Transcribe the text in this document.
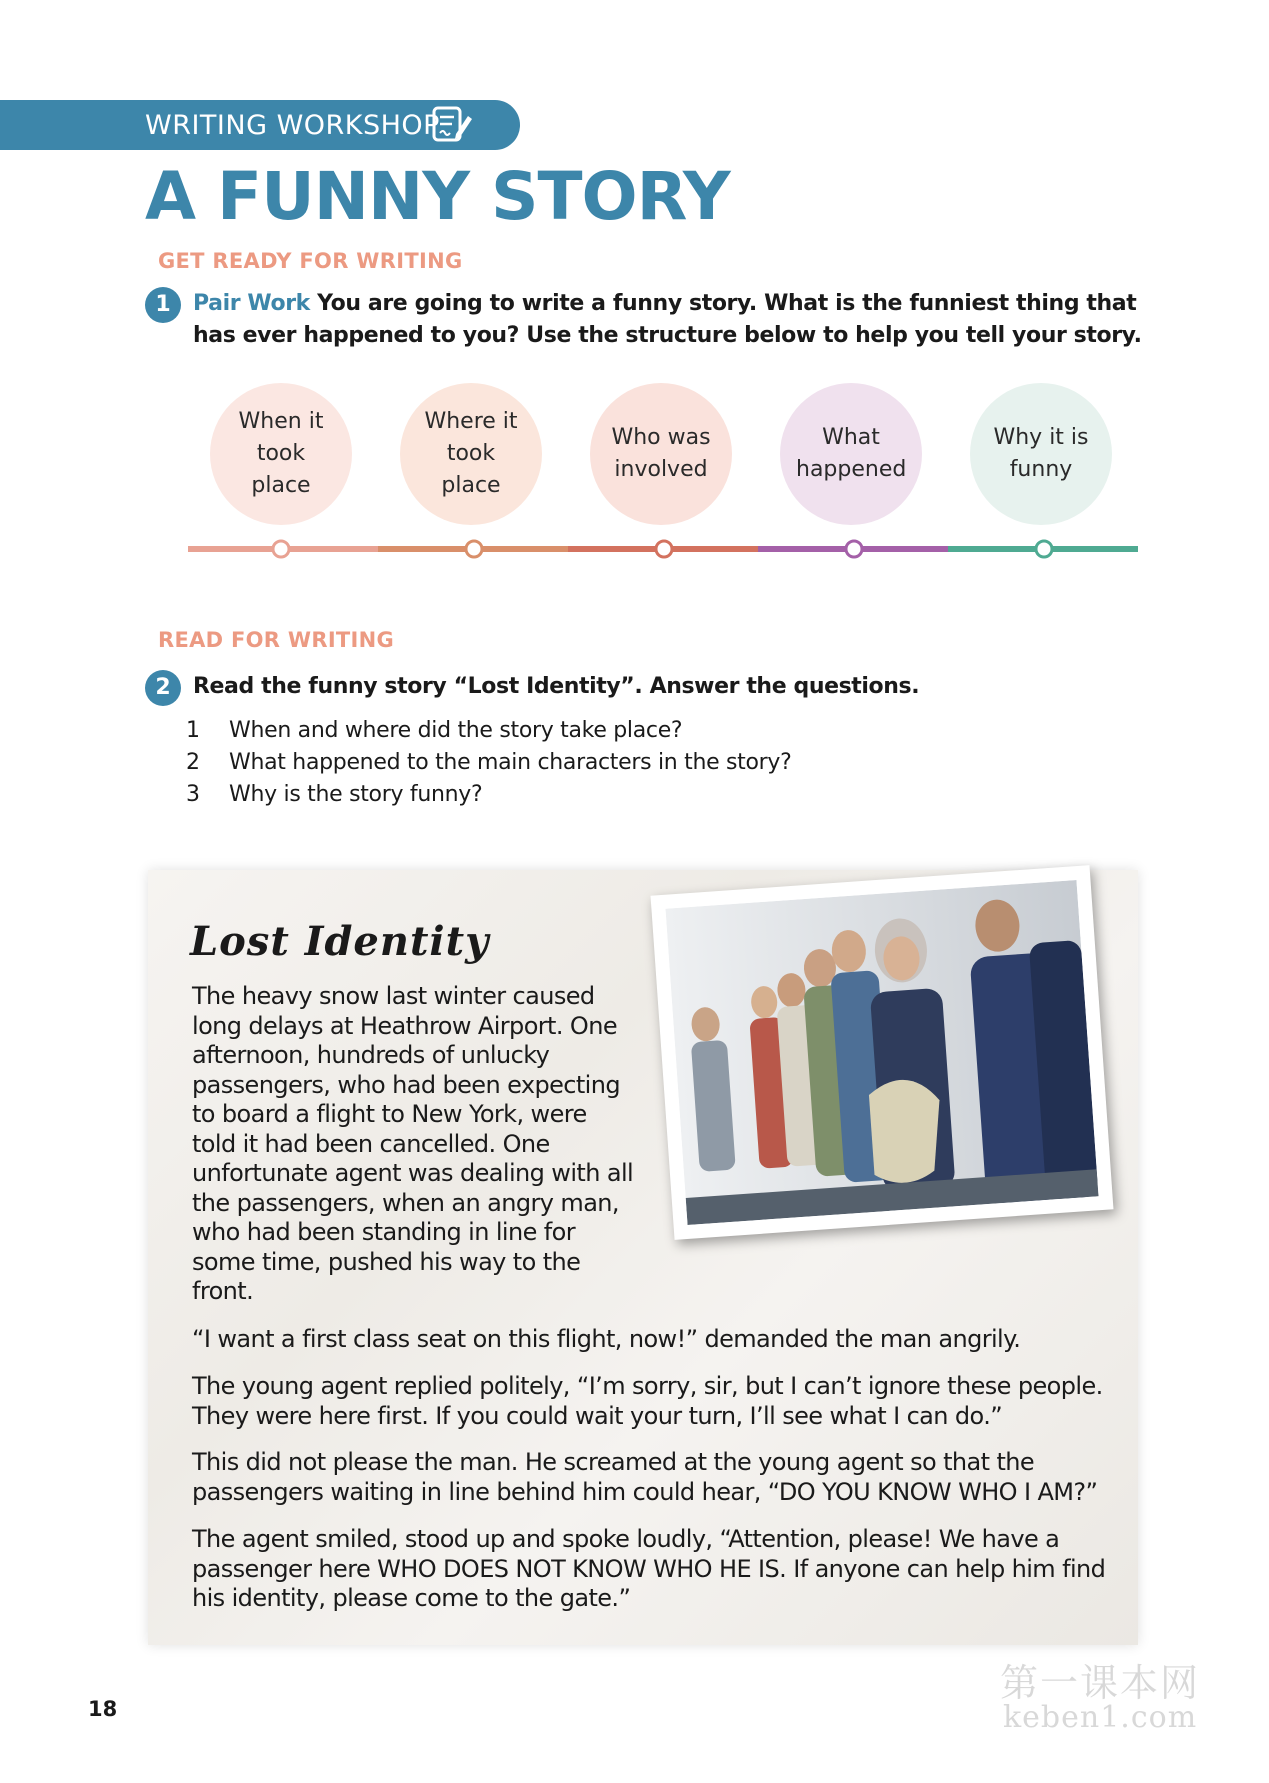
WRITING WORKSHOP
A FUNNY STORY
GET READY FOR WRITING
1	Pair Work You are going to write a funny story. What is the funniest thing that has ever happened to you? Use the structure below to help you tell your story.
When it took place
Where it took place
Who was involved
What happened
Why it is funny
READ FOR WRITING
2	Read the funny story “Lost Identity”. Answer the questions.
1	When and where did the story take place?
2	What happened to the main characters in the story?
3	Why is the story funny?
Lost Identity

The heavy snow last winter caused long delays at Heathrow Airport. One afternoon, hundreds of unlucky passengers, who had been expecting to board a flight to New York, were told it had been cancelled. One unfortunate agent was dealing with all the passengers, when an angry man, who had been standing in line for some time, pushed his way to the front.

“I want a first class seat on this flight, now!” demanded the man angrily.

The young agent replied politely, “I’m sorry, sir, but I can’t ignore these people. They were here first. If you could wait your turn, I’ll see what I can do.”

This did not please the man. He screamed at the young agent so that the passengers waiting in line behind him could hear, “DO YOU KNOW WHO I AM?”

The agent smiled, stood up and spoke loudly, “Attention, please! We have a passenger here WHO DOES NOT KNOW WHO HE IS. If anyone can help him find his identity, please come to the gate.”

18
第一课本网
keben1.com
